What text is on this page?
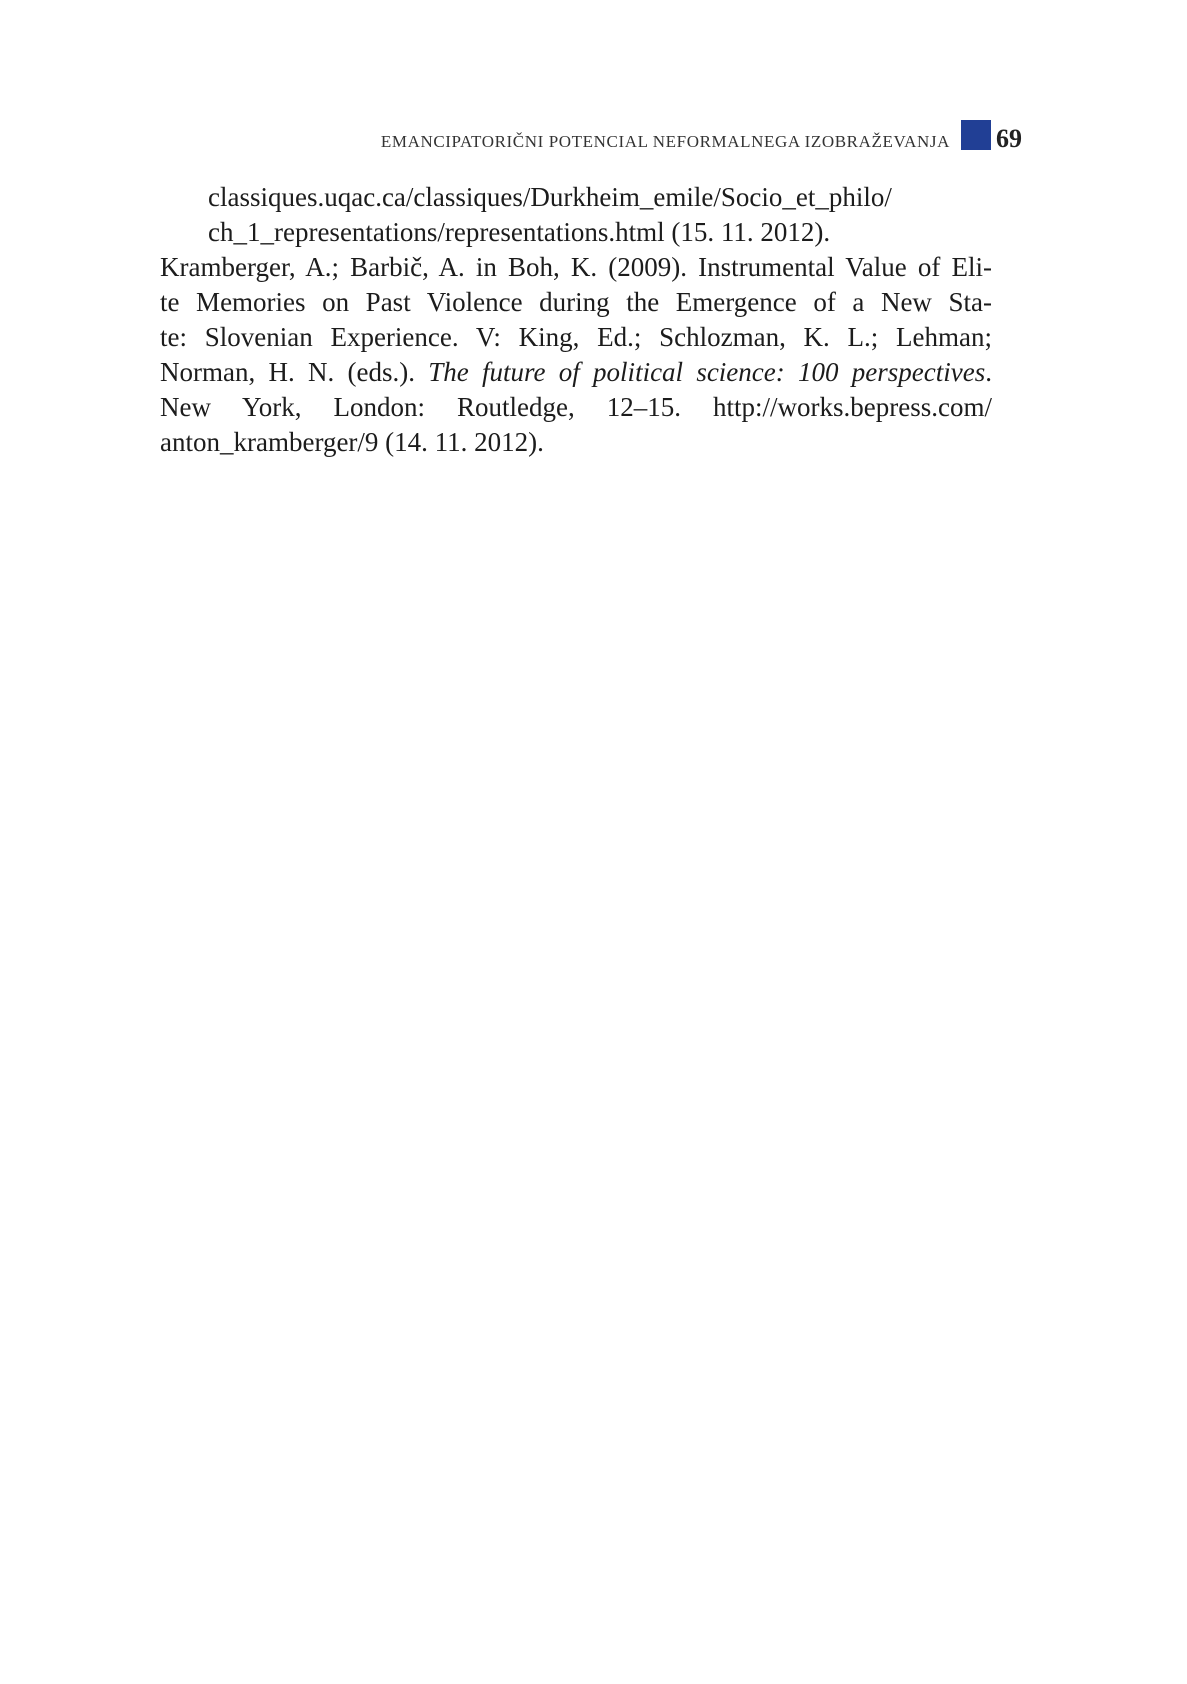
EMANCIPATORIČNI POTENCIAL NEFORMALNEGA IZOBRAŽEVANJA 69
classiques.uqac.ca/classiques/Durkheim_emile/Socio_et_philo/
ch_1_representations/representations.html (15. 11. 2012).
Kramberger, A.; Barbič, A. in Boh, K. (2009). Instrumental Value of Eli-
te Memories on Past Violence during the Emergence of a New Sta-
te: Slovenian Experience. V: King, Ed.; Schlozman, K. L.; Lehman;
Norman, H. N. (eds.). The future of political science: 100 perspectives.
New York, London: Routledge, 12–15. http://works.bepress.com/
anton_kramberger/9 (14. 11. 2012).
